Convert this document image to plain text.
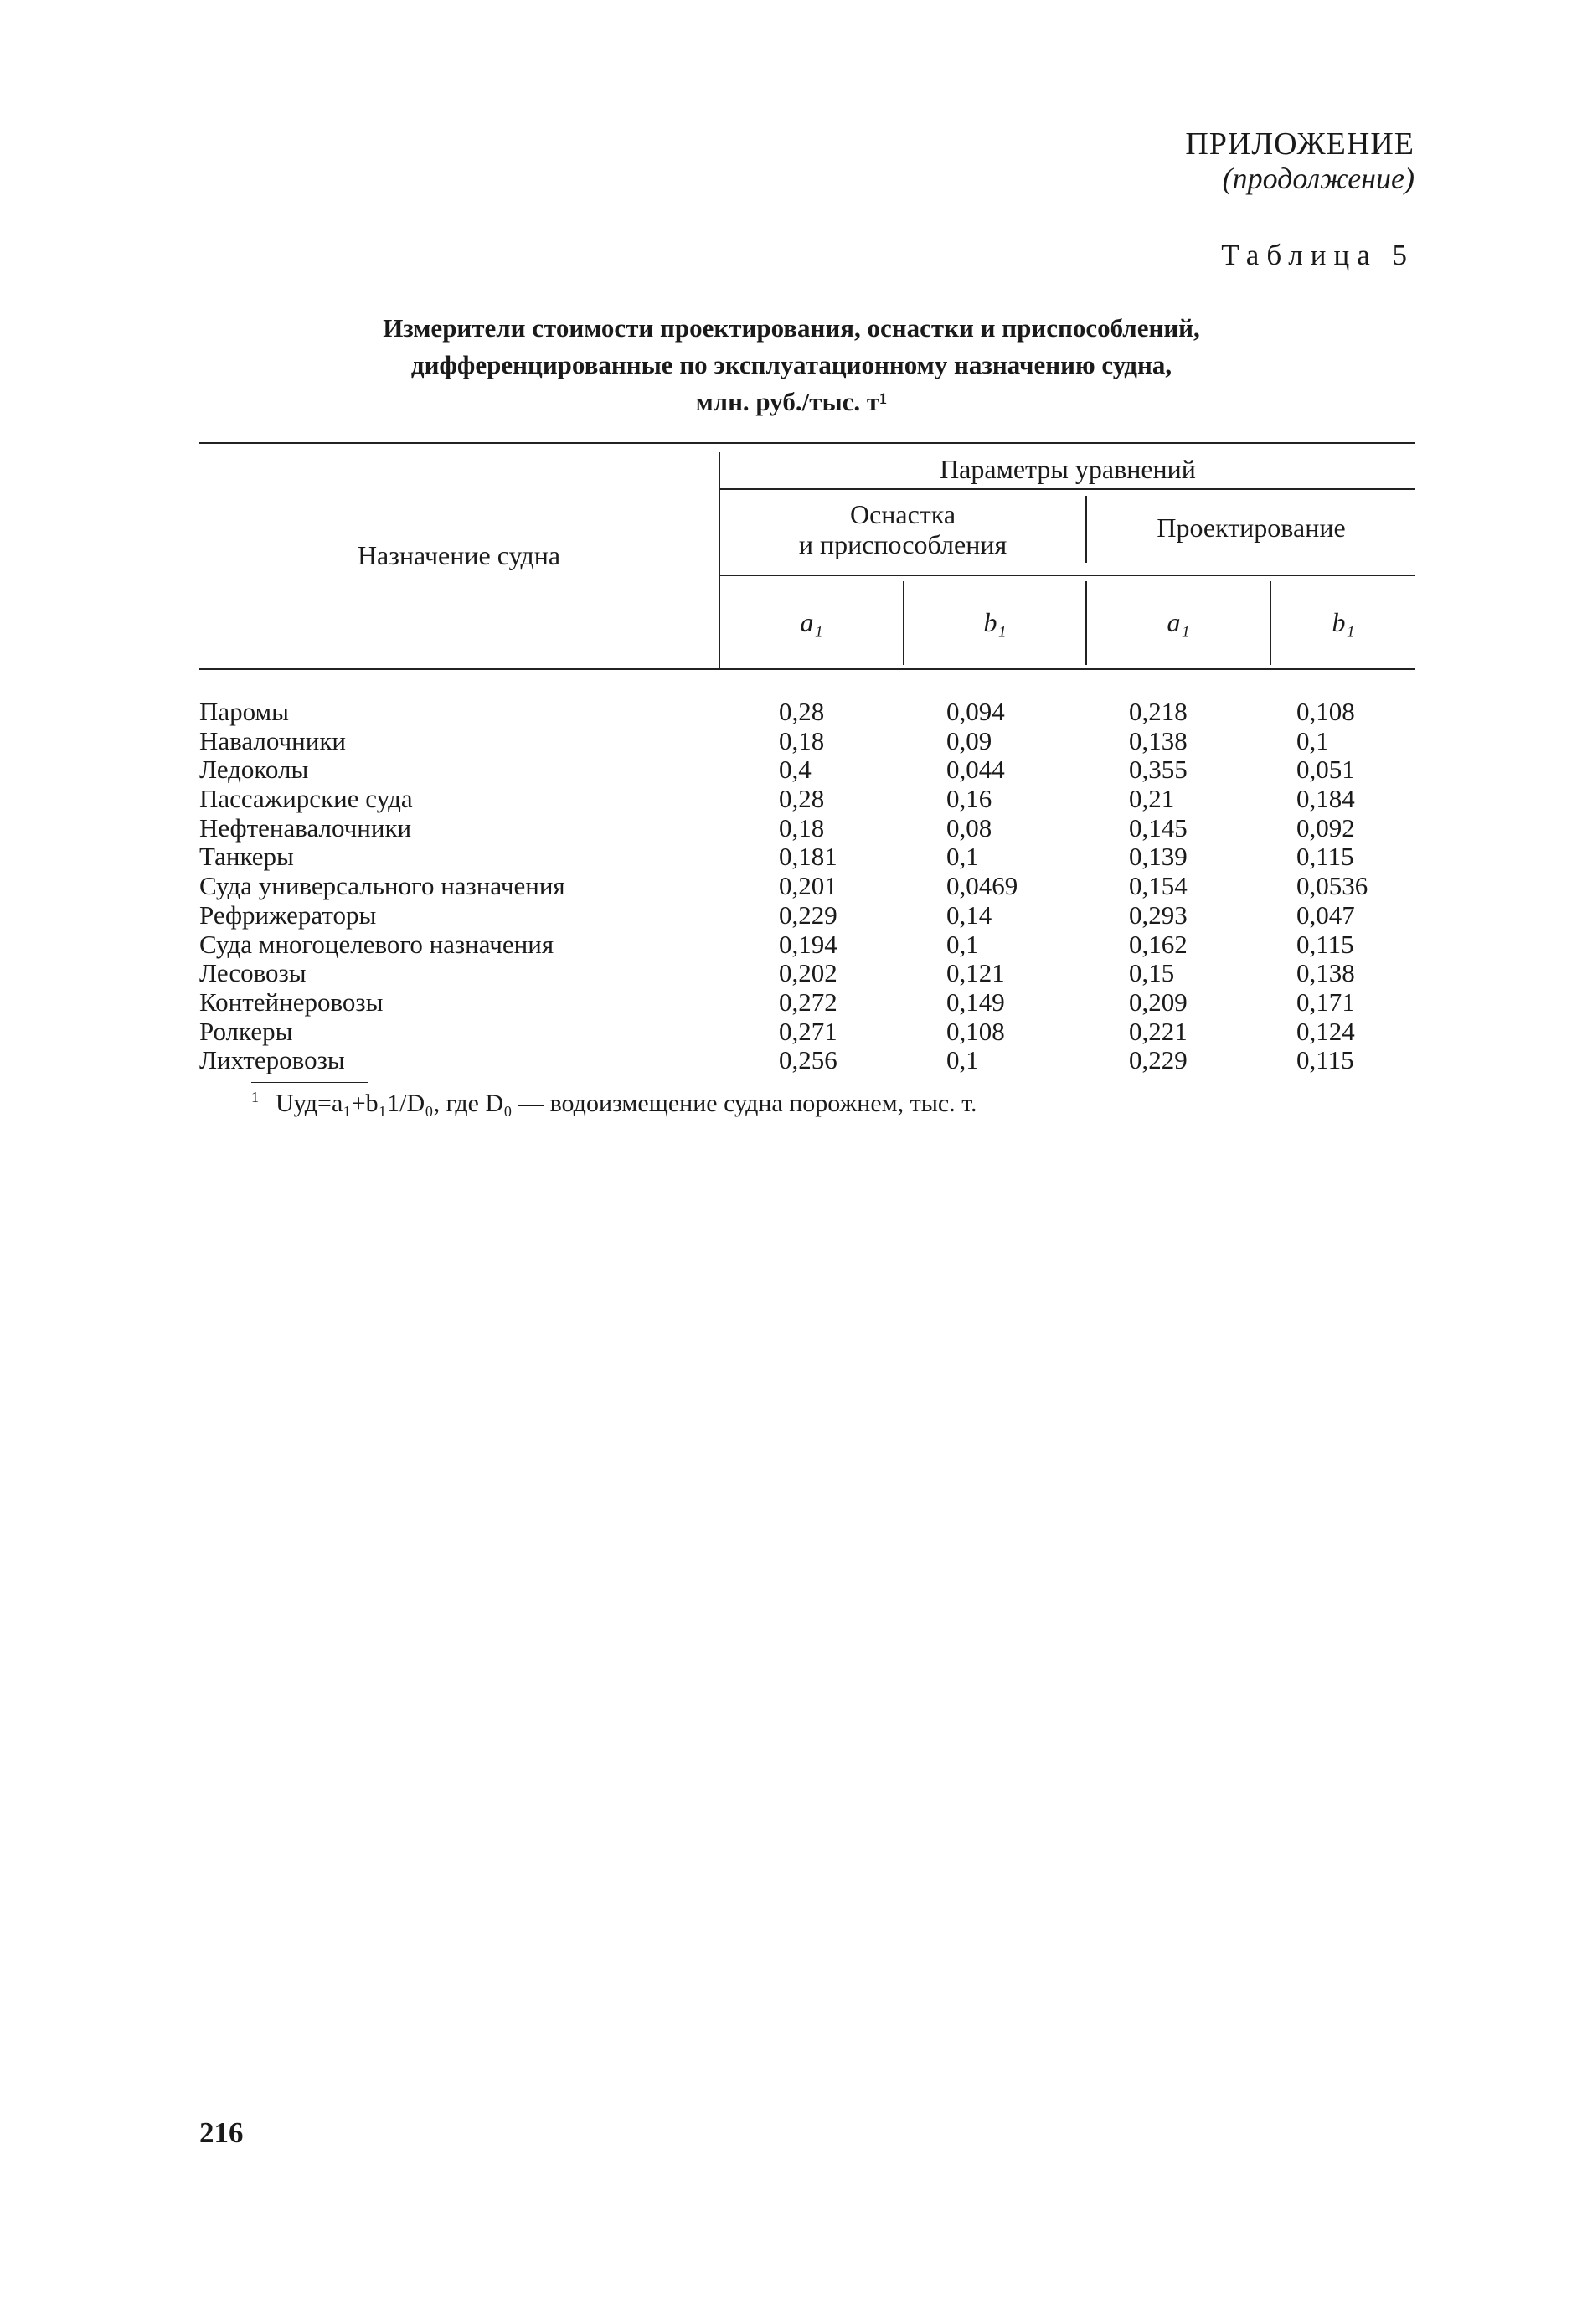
ПРИЛОЖЕНИЕ
(продолжение)
Таблица 5
Измерители стоимости проектирования, оснастки и приспособлений,
дифференцированные по эксплуатационному назначению судна,
млн. руб./тыс. т¹
Назначение судна
Параметры уравнений
Оснастка
и приспособления
Проектирование
a₁	b₁	a₁	b₁
Паромы	0,28	0,094	0,218	0,108
Навалочники	0,18	0,09	0,138	0,1
Ледоколы	0,4	0,044	0,355	0,051
Пассажирские суда	0,28	0,16	0,21	0,184
Нефтенавалочники	0,18	0,08	0,145	0,092
Танкеры	0,181	0,1	0,139	0,115
Суда универсального назначения	0,201	0,0469	0,154	0,0536
Рефрижераторы	0,229	0,14	0,293	0,047
Суда многоцелевого назначения	0,194	0,1	0,162	0,115
Лесовозы	0,202	0,121	0,15	0,138
Контейнеровозы	0,272	0,149	0,209	0,171
Ролкеры	0,271	0,108	0,221	0,124
Лихтеровозы	0,256	0,1	0,229	0,115
$^1$ Uуд=a₁+b₁1/D₀, где D₀ — водоизмещение судна порожнем, тыс. т.
216
